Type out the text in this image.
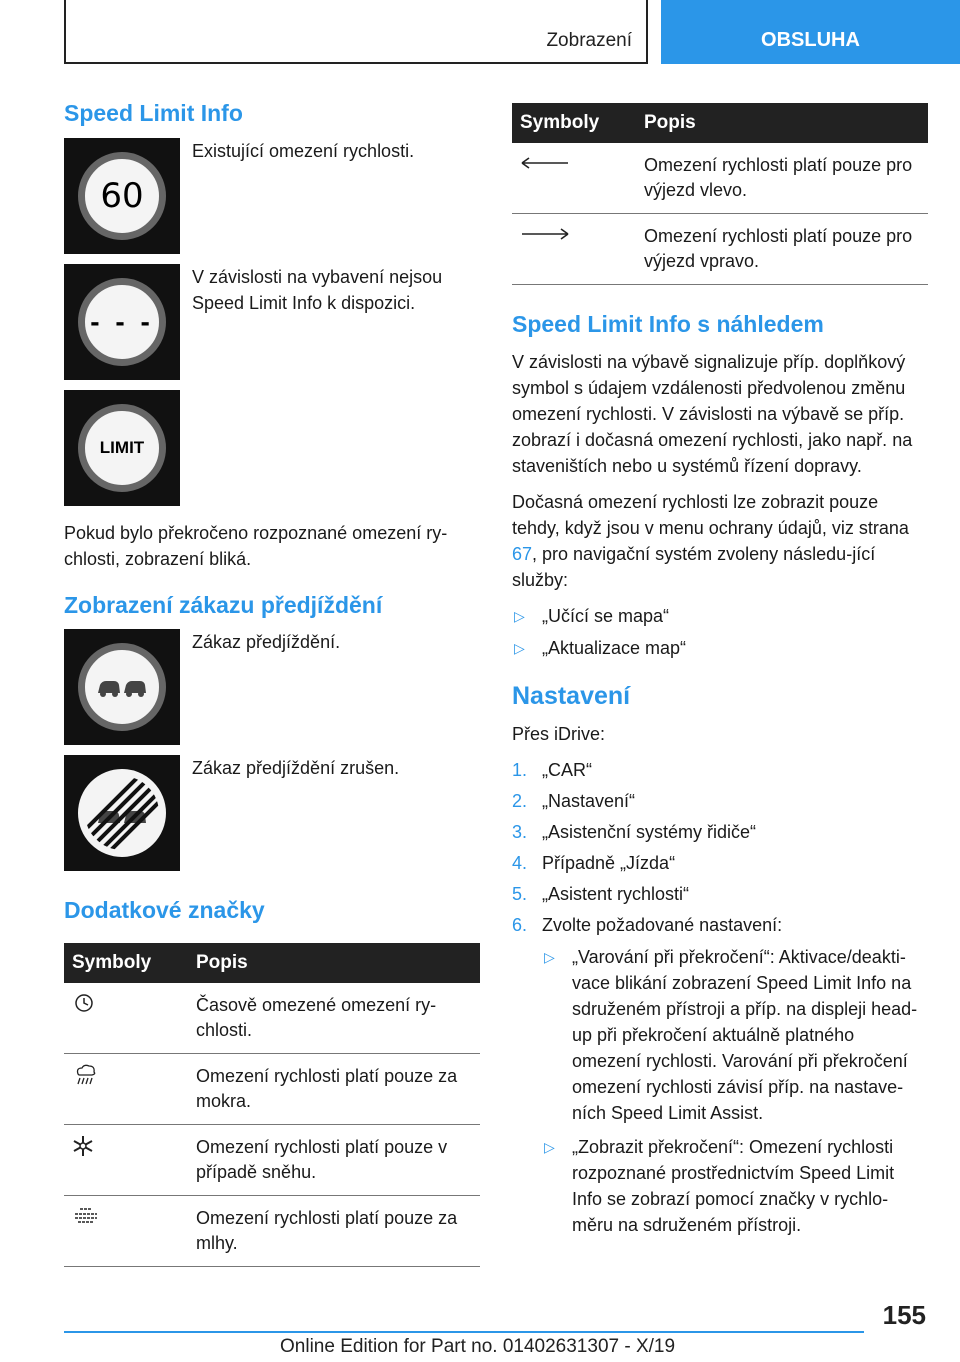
Zobrazení	OBSLUHA
Speed Limit Info
60
Existující omezení rychlosti.
- - -
V závislosti na vybavení nejsou Speed Limit Info k dispozici.
LIMIT

Pokud bylo překročeno rozpoznané omezení ry‐chlosti, zobrazení bliká.

Zobrazení zákazu předjíždění
Zákaz předjíždění.
Zákaz předjíždění zrušen.
Dodatkové značky
Symboly	Popis
	Časově omezené omezení ry‐chlosti.
	Omezení rychlosti platí pouze za mokra.
	Omezení rychlosti platí pouze v případě sněhu.
	Omezení rychlosti platí pouze za mlhy.
Symboly	Popis
	Omezení rychlosti platí pouze pro výjezd vlevo.
	Omezení rychlosti platí pouze pro výjezd vpravo.
Speed Limit Info s náhledem

V závislosti na výbavě signalizuje příp. doplňkový symbol s údajem vzdálenosti předvolenou změnu omezení rychlosti. V závislosti na výbavě se příp. zobrazí i dočasná omezení rychlosti, jako např. na staveništích nebo u systémů řízení dopravy.

Dočasná omezení rychlosti lze zobrazit pouze tehdy, když jsou v menu ochrany údajů, viz strana 67, pro navigační systém zvoleny následu‐jící služby:

▷ „Učící se mapa“
▷ „Aktualizace map“
Nastavení

Přes iDrive:

1. „CAR“
2. „Nastavení“
3. „Asistenční systémy řidiče“
4. Případně „Jízda“
5. „Asistent rychlosti“
6. Zvolte požadované nastavení:
▷ „Varování při překročení“: Aktivace/deakti‐vace blikání zobrazení Speed Limit Info na sdruženém přístroji a příp. na displeji head-up při překročení aktuálně platného omezení rychlosti. Varování při překročení omezení rychlosti závisí příp. na nastave‐ních Speed Limit Assist.
▷ „Zobrazit překročení“: Omezení rychlosti rozpoznané prostřednictvím Speed Limit Info se zobrazí pomocí značky v rychlo‐měru na sdruženém přístroji.
155
Online Edition for Part no. 01402631307 - X/19
